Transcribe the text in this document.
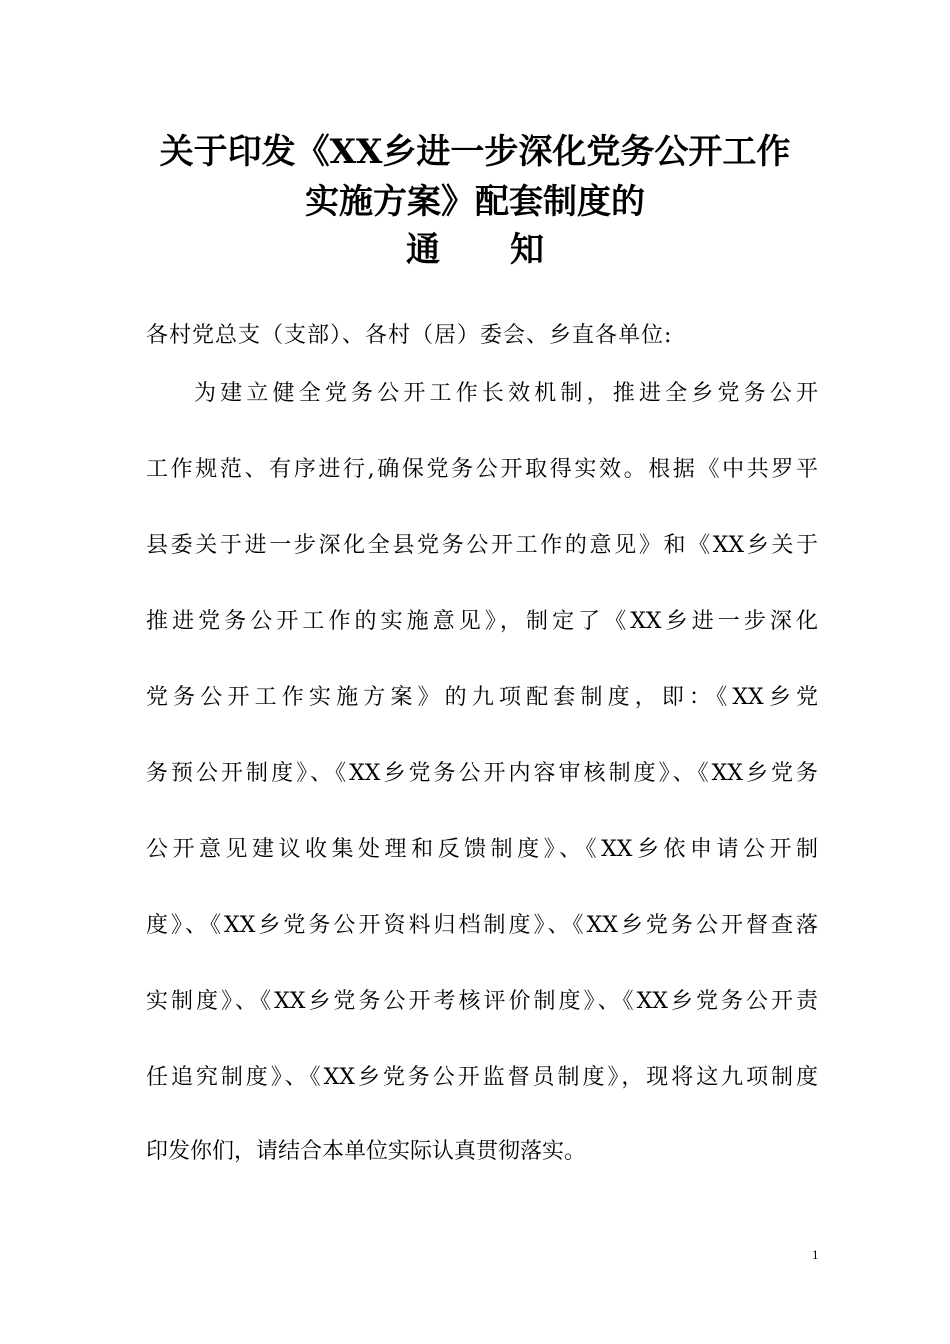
关于印发《XX乡进一步深化党务公开工作
实施方案》配套制度的
通知
各村党总支（支部）、各村（居）委会、乡直各单位:
为建立健全党务公开工作长效机制，推进全乡党务公开
工作规范、有序进行,确保党务公开取得实效。根据《中共罗平
县委关于进一步深化全县党务公开工作的意见》和《XX乡关于
推进党务公开工作的实施意见》，制定了《XX乡进一步深化
党务公开工作实施方案》的九项配套制度，即：《XX乡党
务预公开制度》、《XX乡党务公开内容审核制度》、《XX乡党务
公开意见建议收集处理和反馈制度》、《XX乡依申请公开制
度》、《XX乡党务公开资料归档制度》、《XX乡党务公开督查落
实制度》、《XX乡党务公开考核评价制度》、《XX乡党务公开责
任追究制度》、《XX乡党务公开监督员制度》，现将这九项制度
印发你们，请结合本单位实际认真贯彻落实。
1
